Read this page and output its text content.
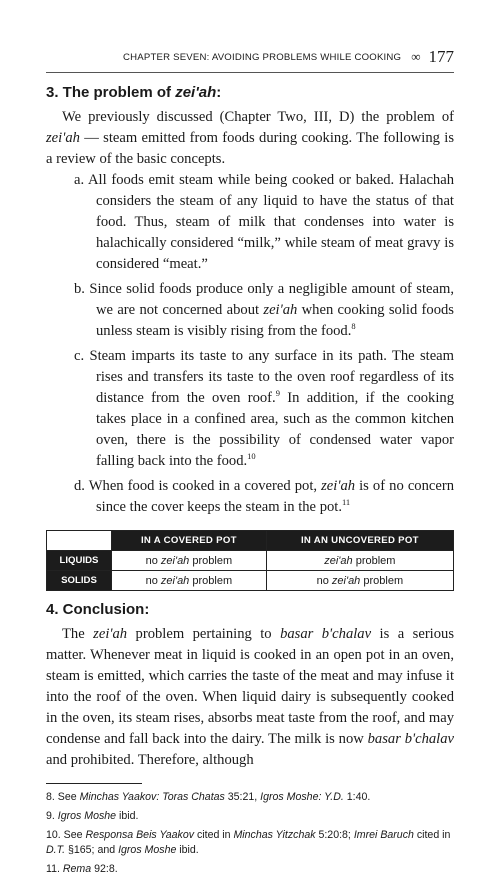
CHAPTER SEVEN: AVOIDING PROBLEMS WHILE COOKING ∞ 177
3. The problem of zei'ah:

We previously discussed (Chapter Two, III, D) the problem of zei'ah — steam emitted from foods during cooking. The following is a review of the basic concepts.

a. All foods emit steam while being cooked or baked. Halachah considers the steam of any liquid to have the status of that food. Thus, steam of milk that condenses into water is halachically considered “milk,” while steam of meat gravy is considered “meat.”

b. Since solid foods produce only a negligible amount of steam, we are not concerned about zei'ah when cooking solid foods unless steam is visibly rising from the food.$^8$

c. Steam imparts its taste to any surface in its path. The steam rises and transfers its taste to the oven roof regardless of its distance from the oven roof.$^9$ In addition, if the cooking takes place in a confined area, such as the common kitchen oven, there is the possibility of condensed water vapor falling back into the food.$^{10}$

d. When food is cooked in a covered pot, zei'ah is of no concern since the cover keeps the steam in the pot.$^{11}$

	IN A COVERED POT	IN AN UNCOVERED POT
LIQUIDS	no zei'ah problem	zei'ah problem
SOLIDS	no zei'ah problem	no zei'ah problem
4. Conclusion:

The zei'ah problem pertaining to basar b'chalav is a serious matter. Whenever meat in liquid is cooked in an open pot in an oven, steam is emitted, which carries the taste of the meat and may infuse it into the roof of the oven. When liquid dairy is subsequently cooked in the oven, its steam rises, absorbs meat taste from the roof, and may condense and fall back into the dairy. The milk is now basar b'chalav and prohibited. Therefore, although

8. See Minchas Yaakov: Toras Chatas 35:21, Igros Moshe: Y.D. 1:40.

9. Igros Moshe ibid.

10. See Responsa Beis Yaakov cited in Minchas Yitzchak 5:20:8; Imrei Baruch cited in D.T. §165; and Igros Moshe ibid.

11. Rema 92:8.
